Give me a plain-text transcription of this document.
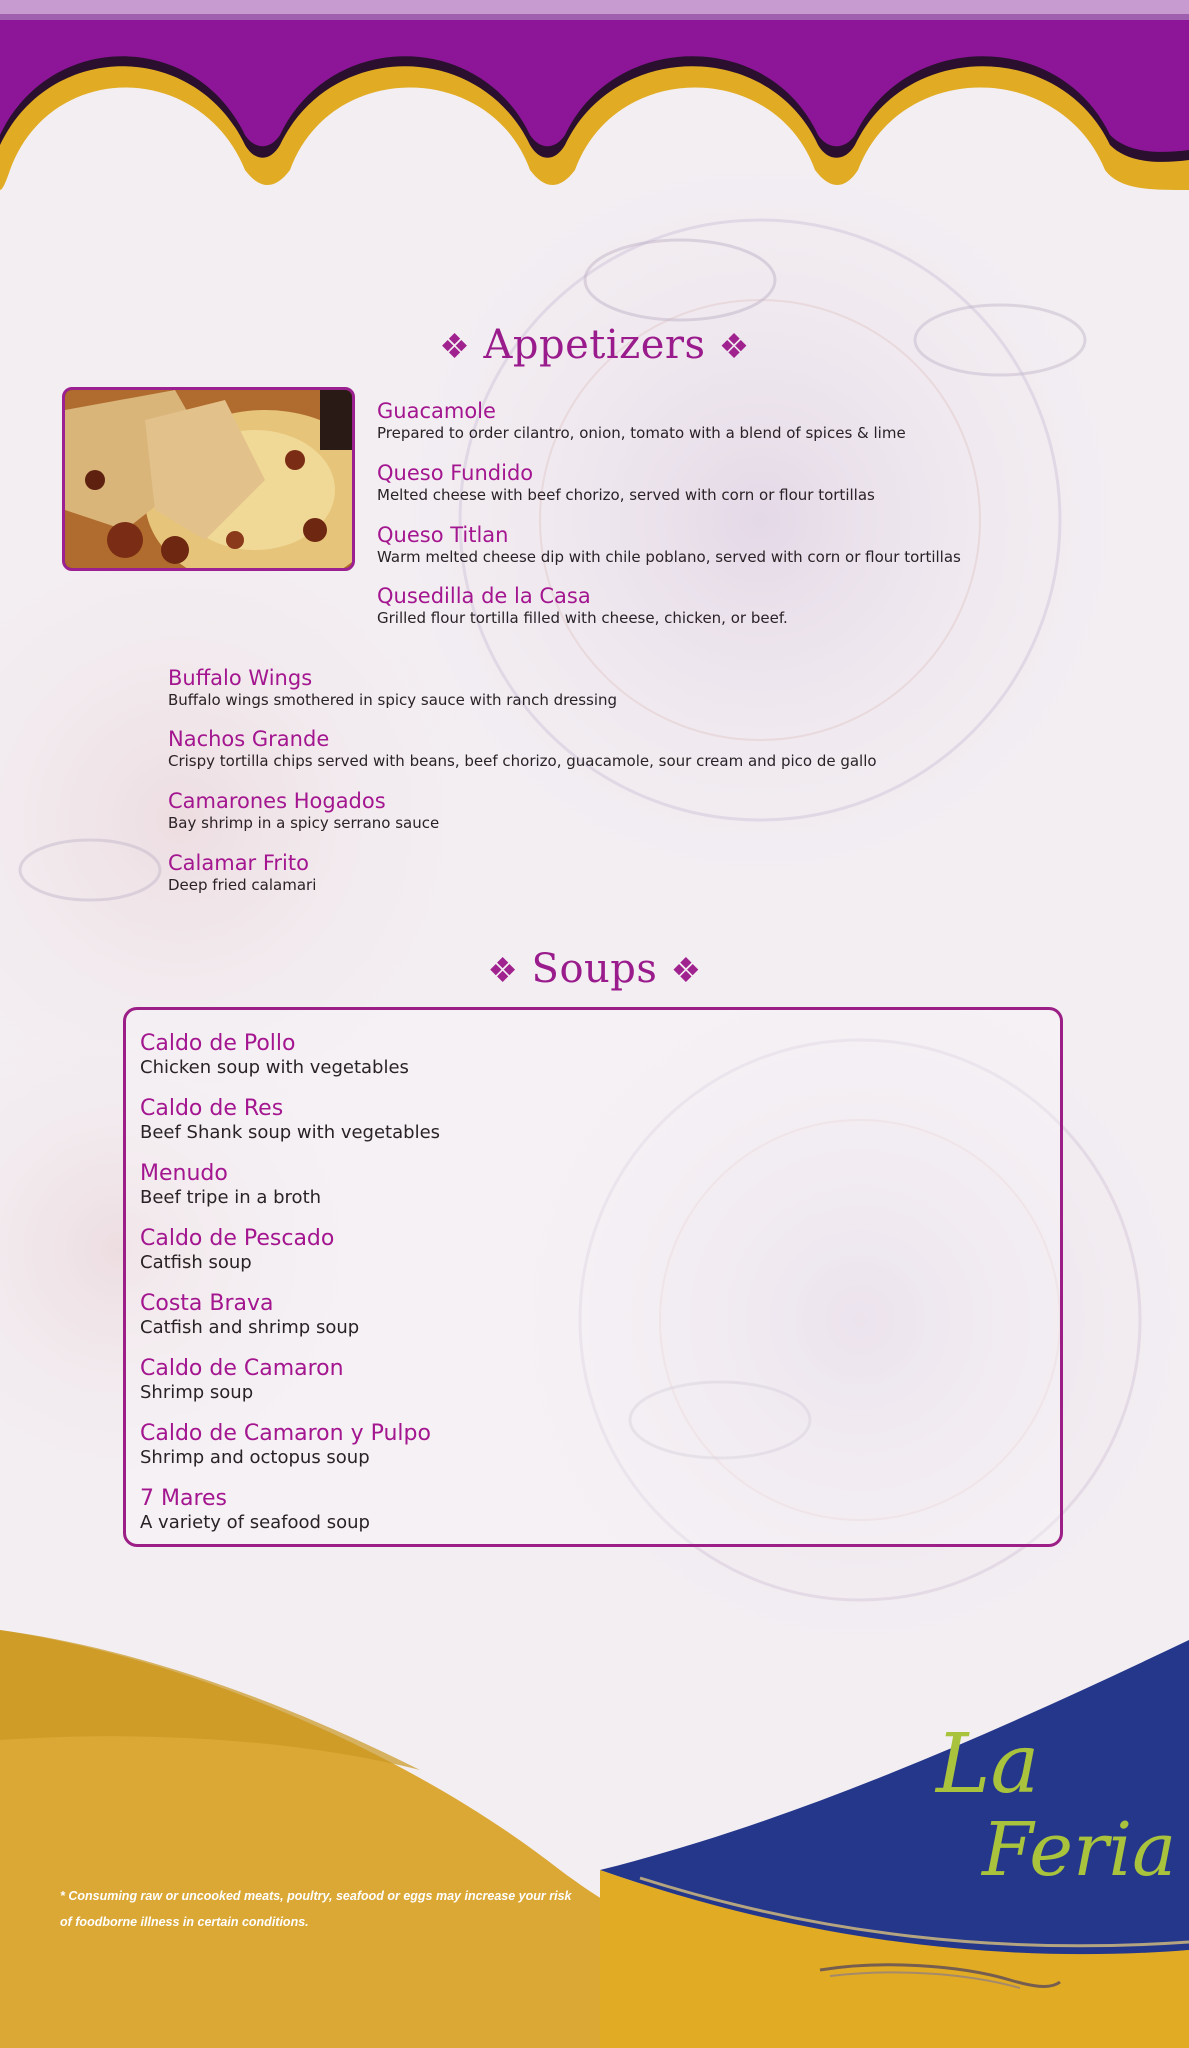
❖ Appetizers ❖
Guacamole
Prepared to order cilantro, onion, tomato with a blend of spices & lime
Queso Fundido
Melted cheese with beef chorizo, served with corn or flour tortillas
Queso Titlan
Warm melted cheese dip with chile poblano, served with corn or flour tortillas
Qusedilla de la Casa
Grilled flour tortilla filled with cheese, chicken, or beef.
Buffalo Wings
Buffalo wings smothered in spicy sauce with ranch dressing
Nachos Grande
Crispy tortilla chips served with beans, beef chorizo, guacamole, sour cream and pico de gallo
Camarones Hogados
Bay shrimp in a spicy serrano sauce
Calamar Frito
Deep fried calamari
❖ Soups ❖
Caldo de Pollo
Chicken soup with vegetables
Caldo de Res
Beef Shank soup with vegetables
Menudo
Beef tripe in a broth
Caldo de Pescado
Catfish soup
Costa Brava
Catfish and shrimp soup
Caldo de Camaron
Shrimp soup
Caldo de Camaron y Pulpo
Shrimp and octopus soup
7 Mares
A variety of seafood soup
* Consuming raw or uncooked meats, poultry, seafood or eggs may increase your risk
of foodborne illness in certain conditions.
La
Feria
